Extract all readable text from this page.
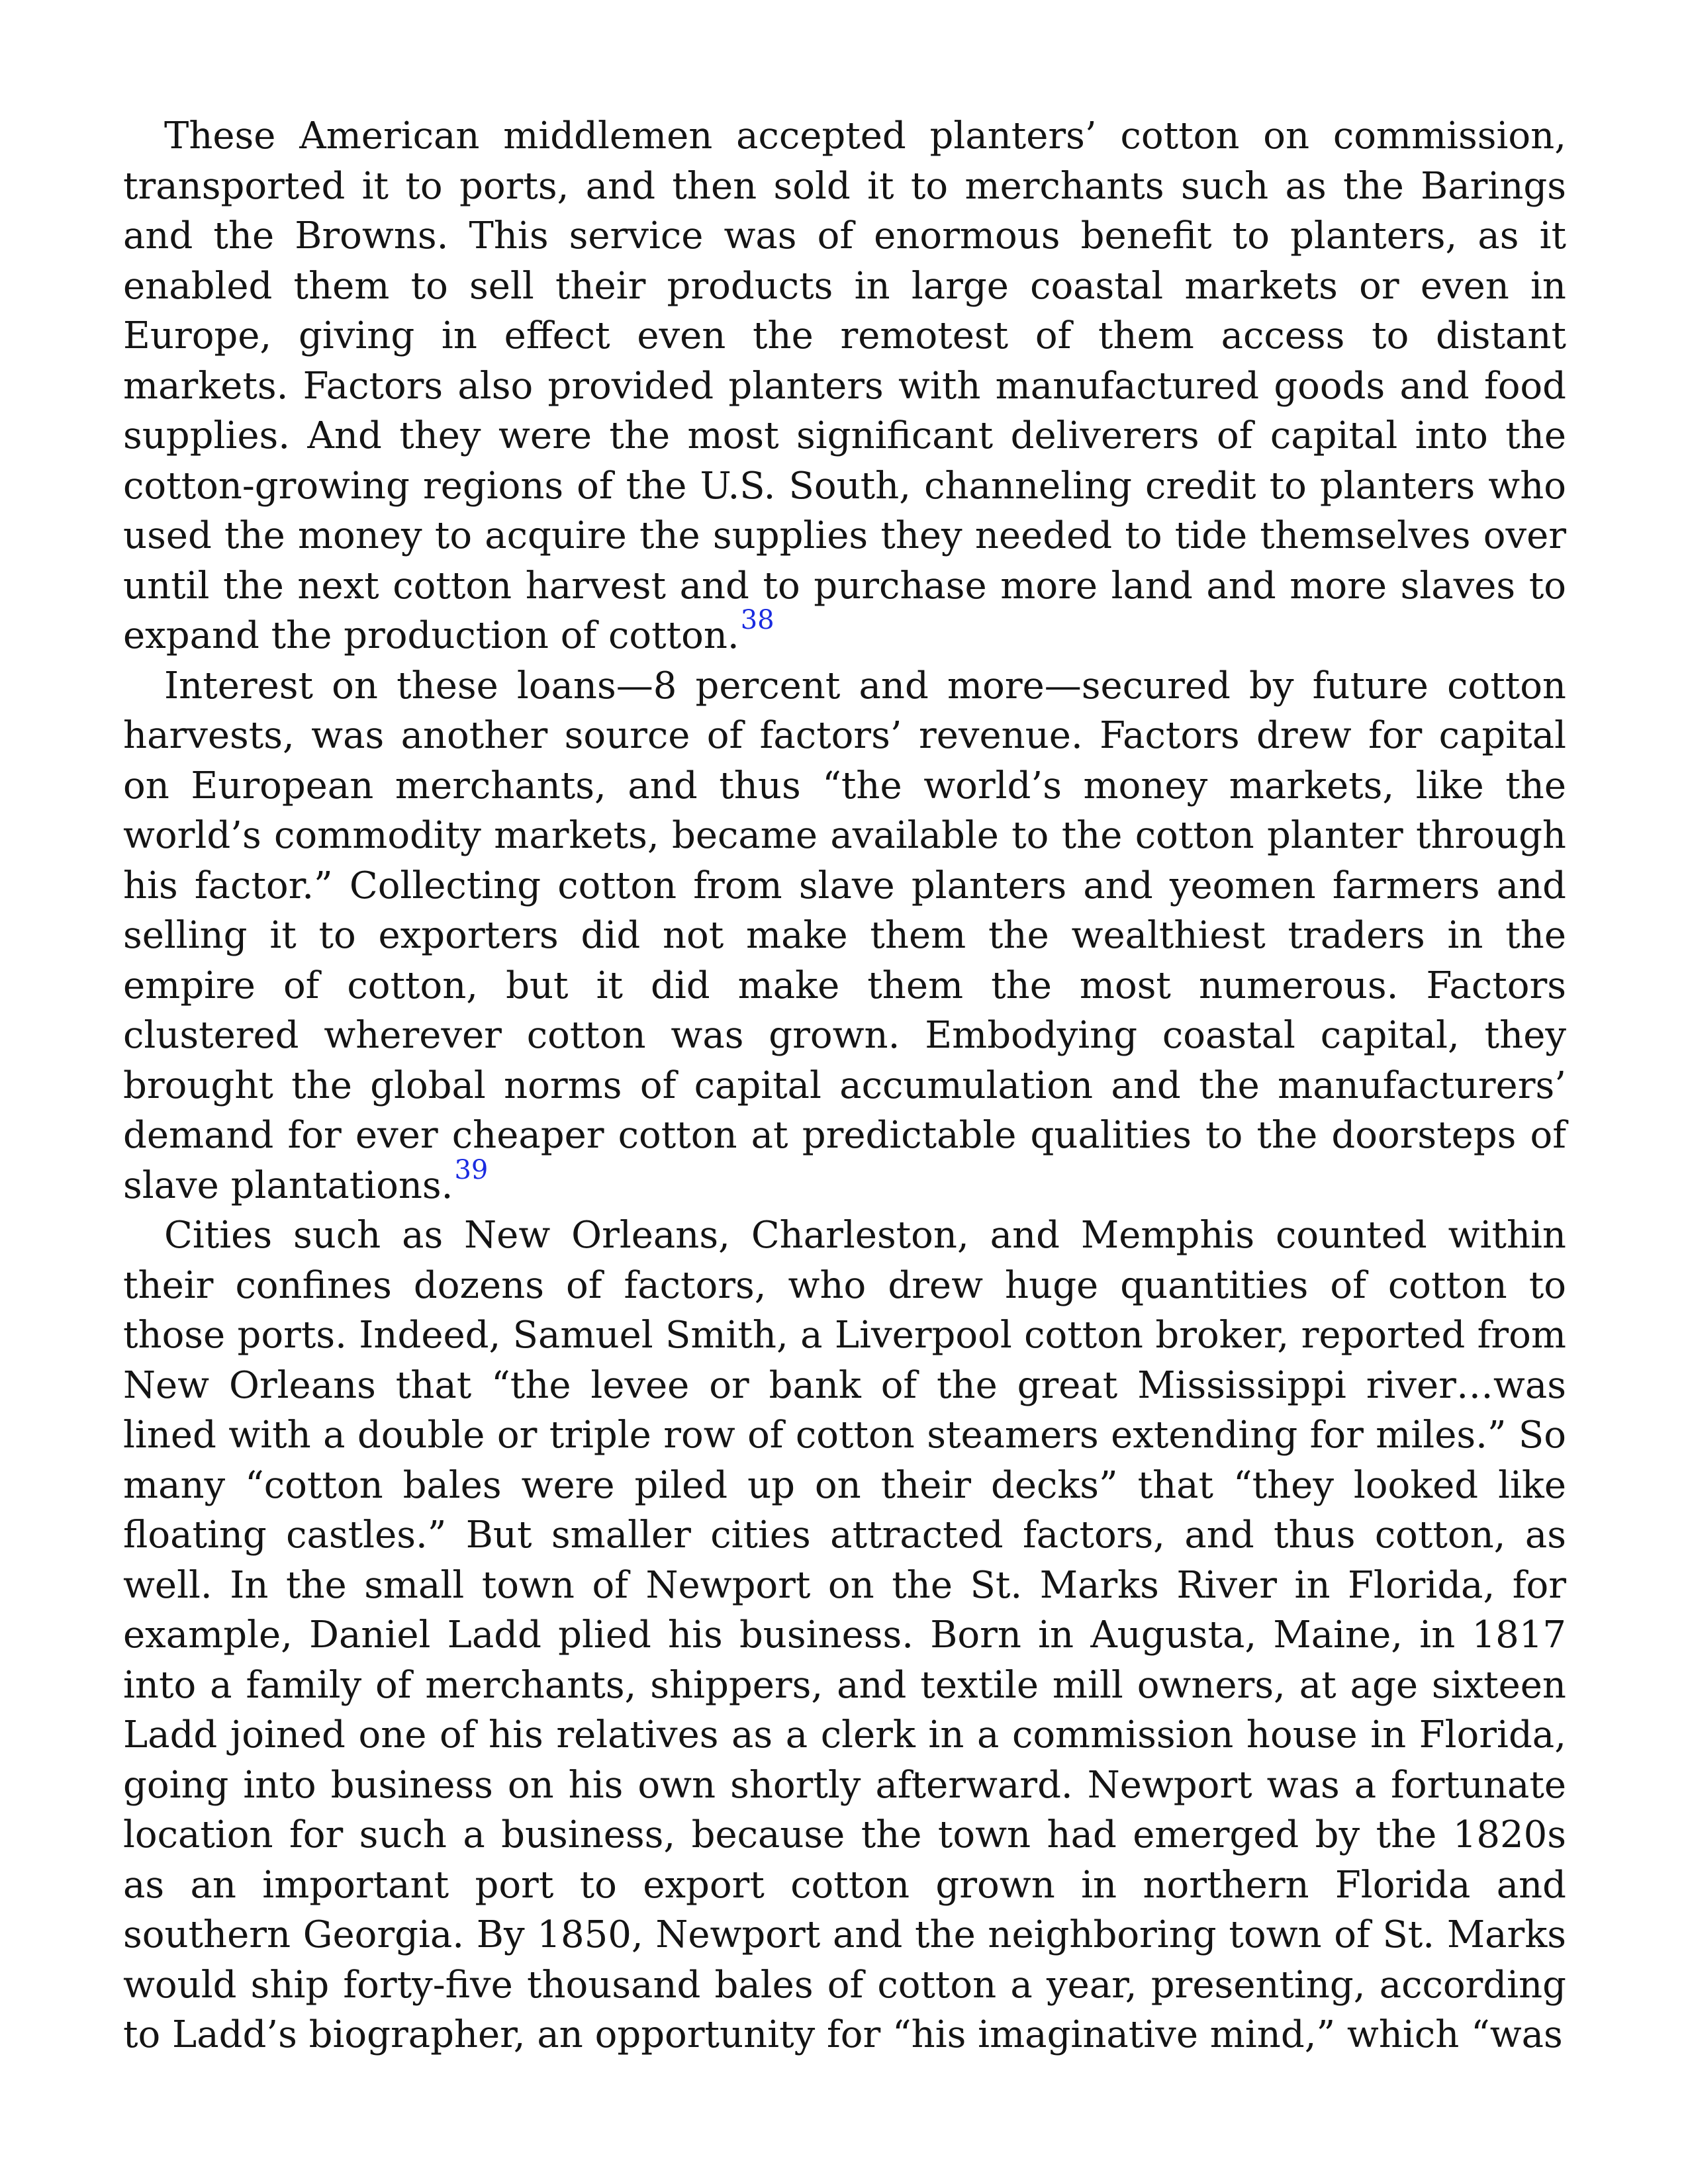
These American middlemen accepted planters’ cotton on commission, transported it to ports, and then sold it to merchants such as the Barings and the Browns. This service was of enormous benefit to planters, as it enabled them to sell their products in large coastal markets or even in Europe, giving in effect even the remotest of them access to distant markets. Factors also provided planters with manufactured goods and food supplies. And they were the most significant deliverers of capital into the cotton-growing regions of the U.S. South, channeling credit to planters who used the money to acquire the supplies they needed to tide themselves over until the next cotton harvest and to purchase more land and more slaves to expand the production of cotton.$^{38}$

Interest on these loans—8 percent and more—secured by future cotton harvests, was another source of factors’ revenue. Factors drew for capital on European merchants, and thus “the world’s money markets, like the world’s commodity markets, became available to the cotton planter through his factor.” Collecting cotton from slave planters and yeomen farmers and selling it to exporters did not make them the wealthiest traders in the empire of cotton, but it did make them the most numerous. Factors clustered wherever cotton was grown. Embodying coastal capital, they brought the global norms of capital accumulation and the manufacturers’ demand for ever cheaper cotton at predictable qualities to the doorsteps of slave plantations.$^{39}$

Cities such as New Orleans, Charleston, and Memphis counted within their confines dozens of factors, who drew huge quantities of cotton to those ports. Indeed, Samuel Smith, a Liverpool cotton broker, reported from New Orleans that “the levee or bank of the great Mississippi river…was lined with a double or triple row of cotton steamers extending for miles.” So many “cotton bales were piled up on their decks” that “they looked like floating castles.” But smaller cities attracted factors, and thus cotton, as well. In the small town of Newport on the St. Marks River in Florida, for example, Daniel Ladd plied his business. Born in Augusta, Maine, in 1817 into a family of merchants, shippers, and textile mill owners, at age sixteen Ladd joined one of his relatives as a clerk in a commission house in Florida, going into business on his own shortly afterward. Newport was a fortunate location for such a business, because the town had emerged by the 1820s as an important port to export cotton grown in northern Florida and southern Georgia. By 1850, Newport and the neighboring town of St. Marks would ship forty-five thousand bales of cotton a year, presenting, according to Ladd’s biographer, an opportunity for “his imaginative mind,” which “was
